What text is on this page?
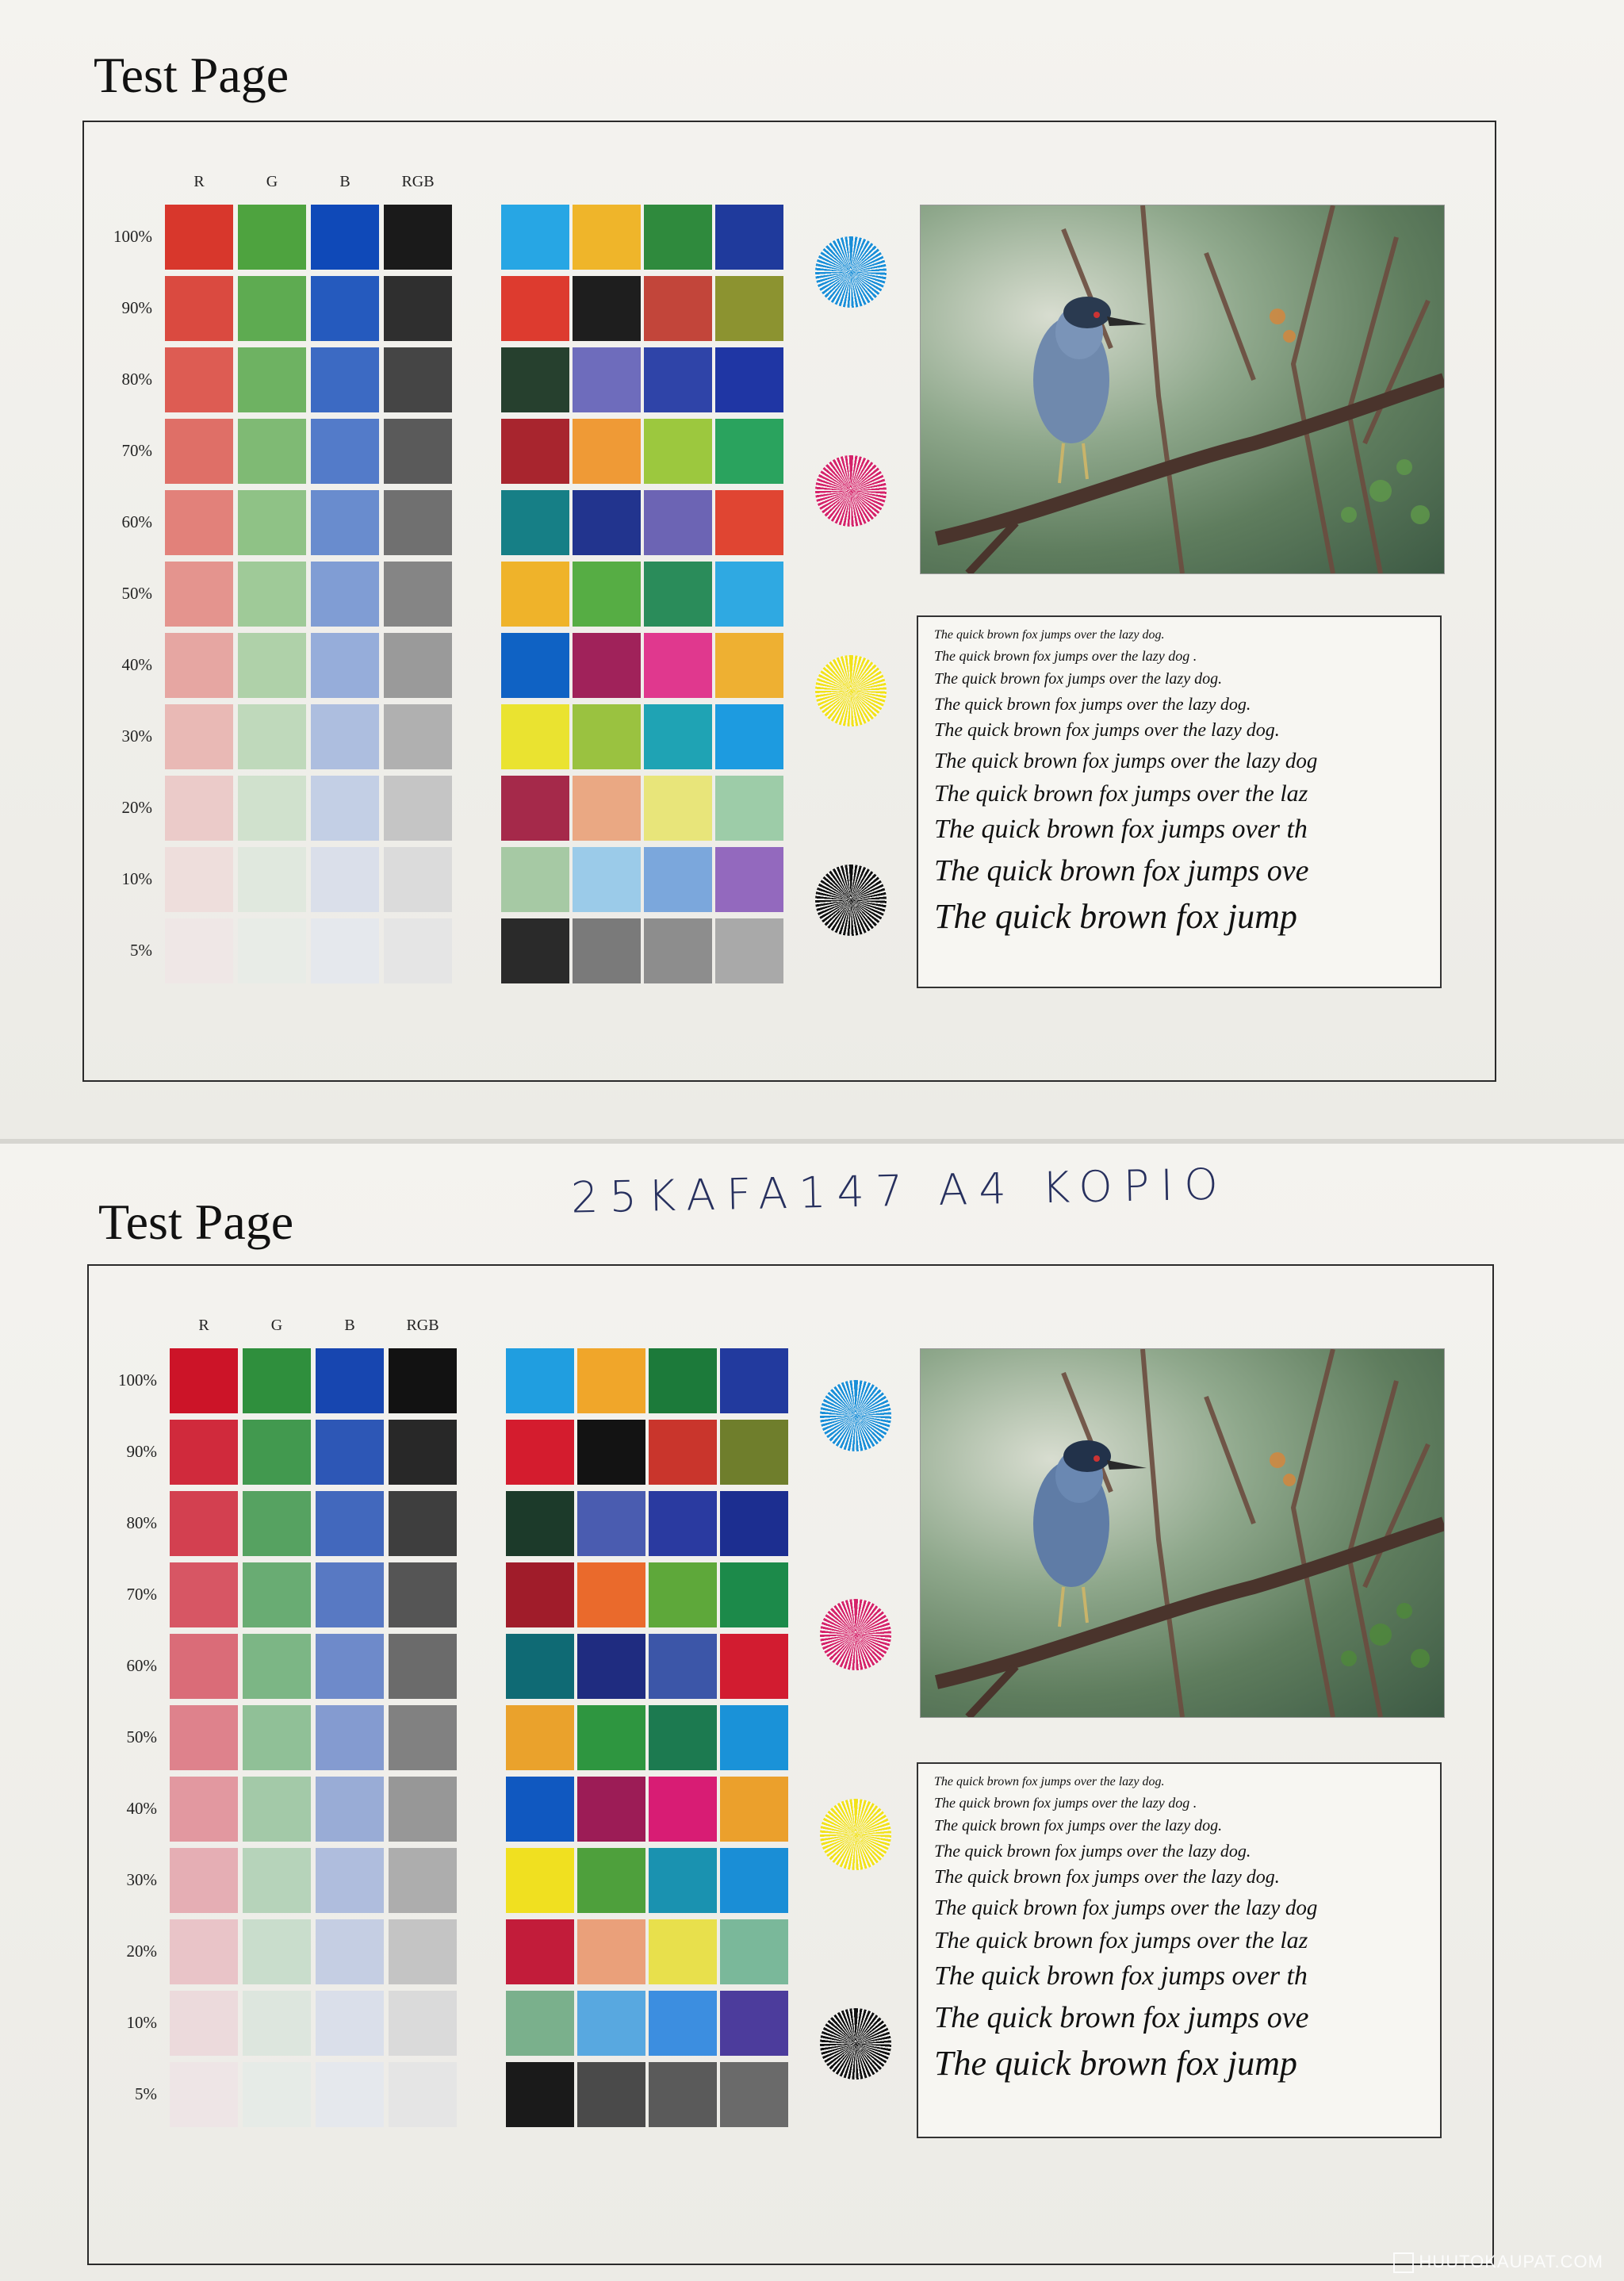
Test Page
R	G	B	RGB
100%
90%
80%
70%
60%
50%
40%
30%
20%
10%
5%
The quick brown fox jumps over the lazy dog.
The quick brown fox jumps over the lazy dog .
The quick brown fox jumps over the lazy dog.
The quick brown fox jumps over the lazy dog.
The quick brown fox jumps over the lazy dog.
The quick brown fox jumps over the lazy dog
The quick brown fox jumps over the laz
The quick brown fox jumps over th
The quick brown fox jumps ove
The quick brown fox jump
Test Page
R	G	B	RGB
100%
90%
80%
70%
60%
50%
40%
30%
20%
10%
5%
The quick brown fox jumps over the lazy dog.
The quick brown fox jumps over the lazy dog .
The quick brown fox jumps over the lazy dog.
The quick brown fox jumps over the lazy dog.
The quick brown fox jumps over the lazy dog.
The quick brown fox jumps over the lazy dog
The quick brown fox jumps over the laz
The quick brown fox jumps over th
The quick brown fox jumps ove
The quick brown fox jump
25KAFA147 A4 KOPIO
HUUTOKAUPAT.COM
